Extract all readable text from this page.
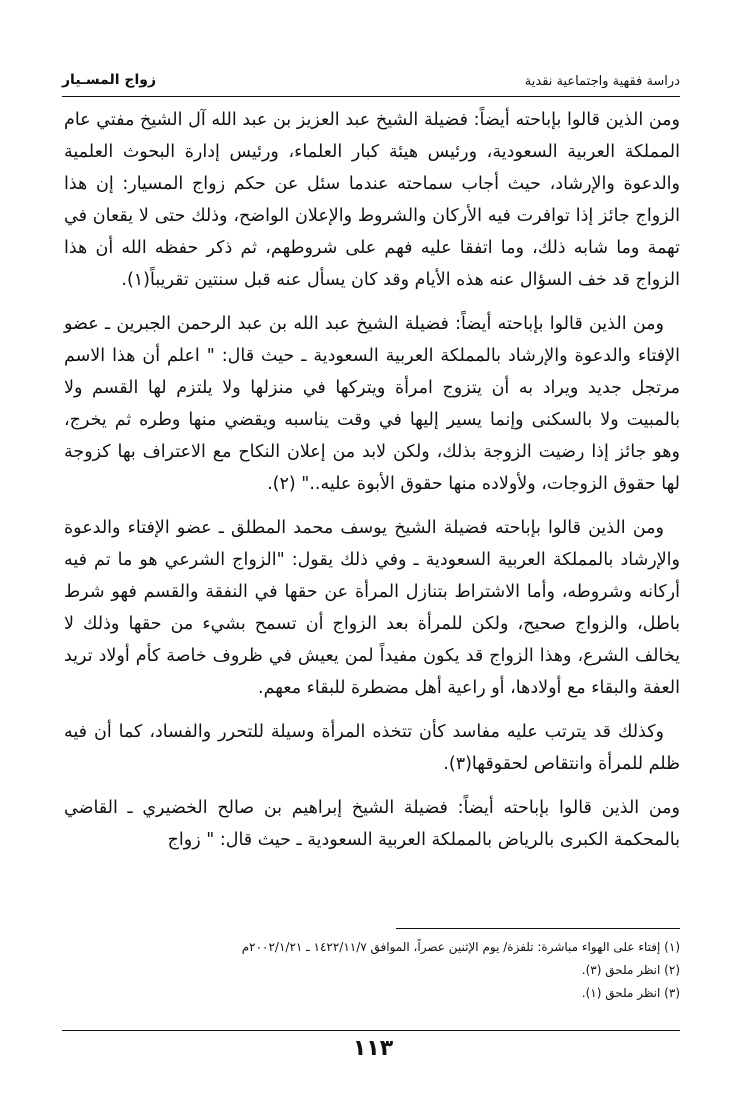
دراسة فقهية واجتماعية نقدية
زواج المسـيار

ومن الذين قالوا بإباحته أيضاً: فضيلة الشيخ عبد العزيز بن عبد الله آل الشيخ مفتي عام المملكة العربية السعودية، ورئيس هيئة كبار العلماء، ورئيس إدارة البحوث العلمية والدعوة والإرشاد، حيث أجاب سماحته عندما سئل عن حكم زواج المسيار: إن هذا الزواج جائز إذا توافرت فيه الأركان والشروط والإعلان الواضح، وذلك حتى لا يقعان في تهمة وما شابه ذلك، وما اتفقا عليه فهم على شروطهم، ثم ذكر حفظه الله أن هذا الزواج قد خف السؤال عنه هذه الأيام وقد كان يسأل عنه قبل سنتين تقريباً(١).

ومن الذين قالوا بإباحته أيضاً: فضيلة الشيخ عبد الله بن عبد الرحمن الجبرين ـ عضو الإفتاء والدعوة والإرشاد بالمملكة العربية السعودية ـ حيث قال: " اعلم أن هذا الاسم مرتجل جديد ويراد به أن يتزوج امرأة ويتركها في منزلها ولا يلتزم لها القسم ولا بالمبيت ولا بالسكنى وإنما يسير إليها في وقت يناسبه ويقضي منها وطره ثم يخرج، وهو جائز إذا رضيت الزوجة بذلك، ولكن لابد من إعلان النكاح مع الاعتراف بها كزوجة لها حقوق الزوجات، ولأولاده منها حقوق الأبوة عليه.." (٢).

ومن الذين قالوا بإباحته فضيلة الشيخ يوسف محمد المطلق ـ عضو الإفتاء والدعوة والإرشاد بالمملكة العربية السعودية ـ وفي ذلك يقول: "الزواج الشرعي هو ما تم فيه أركانه وشروطه، وأما الاشتراط بتنازل المرأة عن حقها في النفقة والقسم فهو شرط باطل، والزواج صحيح، ولكن للمرأة بعد الزواج أن تسمح بشيء من حقها وذلك لا يخالف الشرع، وهذا الزواج قد يكون مفيداً لمن يعيش في ظروف خاصة كأم أولاد تريد العفة والبقاء مع أولادها، أو راعية أهل مضطرة للبقاء معهم.

وكذلك قد يترتب عليه مفاسد كأن تتخذه المرأة وسيلة للتحرر والفساد، كما أن فيه ظلم للمرأة وانتقاص لحقوقها(٣).

ومن الذين قالوا بإباحته أيضاً: فضيلة الشيخ إبراهيم بن صالح الخضيري ـ القاضي بالمحكمة الكبرى بالرياض بالمملكة العربية السعودية ـ حيث قال: " زواج

(١) إفتاء على الهواء مباشرة: تلفزة/ يوم الإثنين عصراً، الموافق ١٤٢٢/١١/٧ ـ ٢٠٠٢/١/٢١م
(٢) انظر ملحق (٣).
(٣) انظر ملحق (١).
١١٣
